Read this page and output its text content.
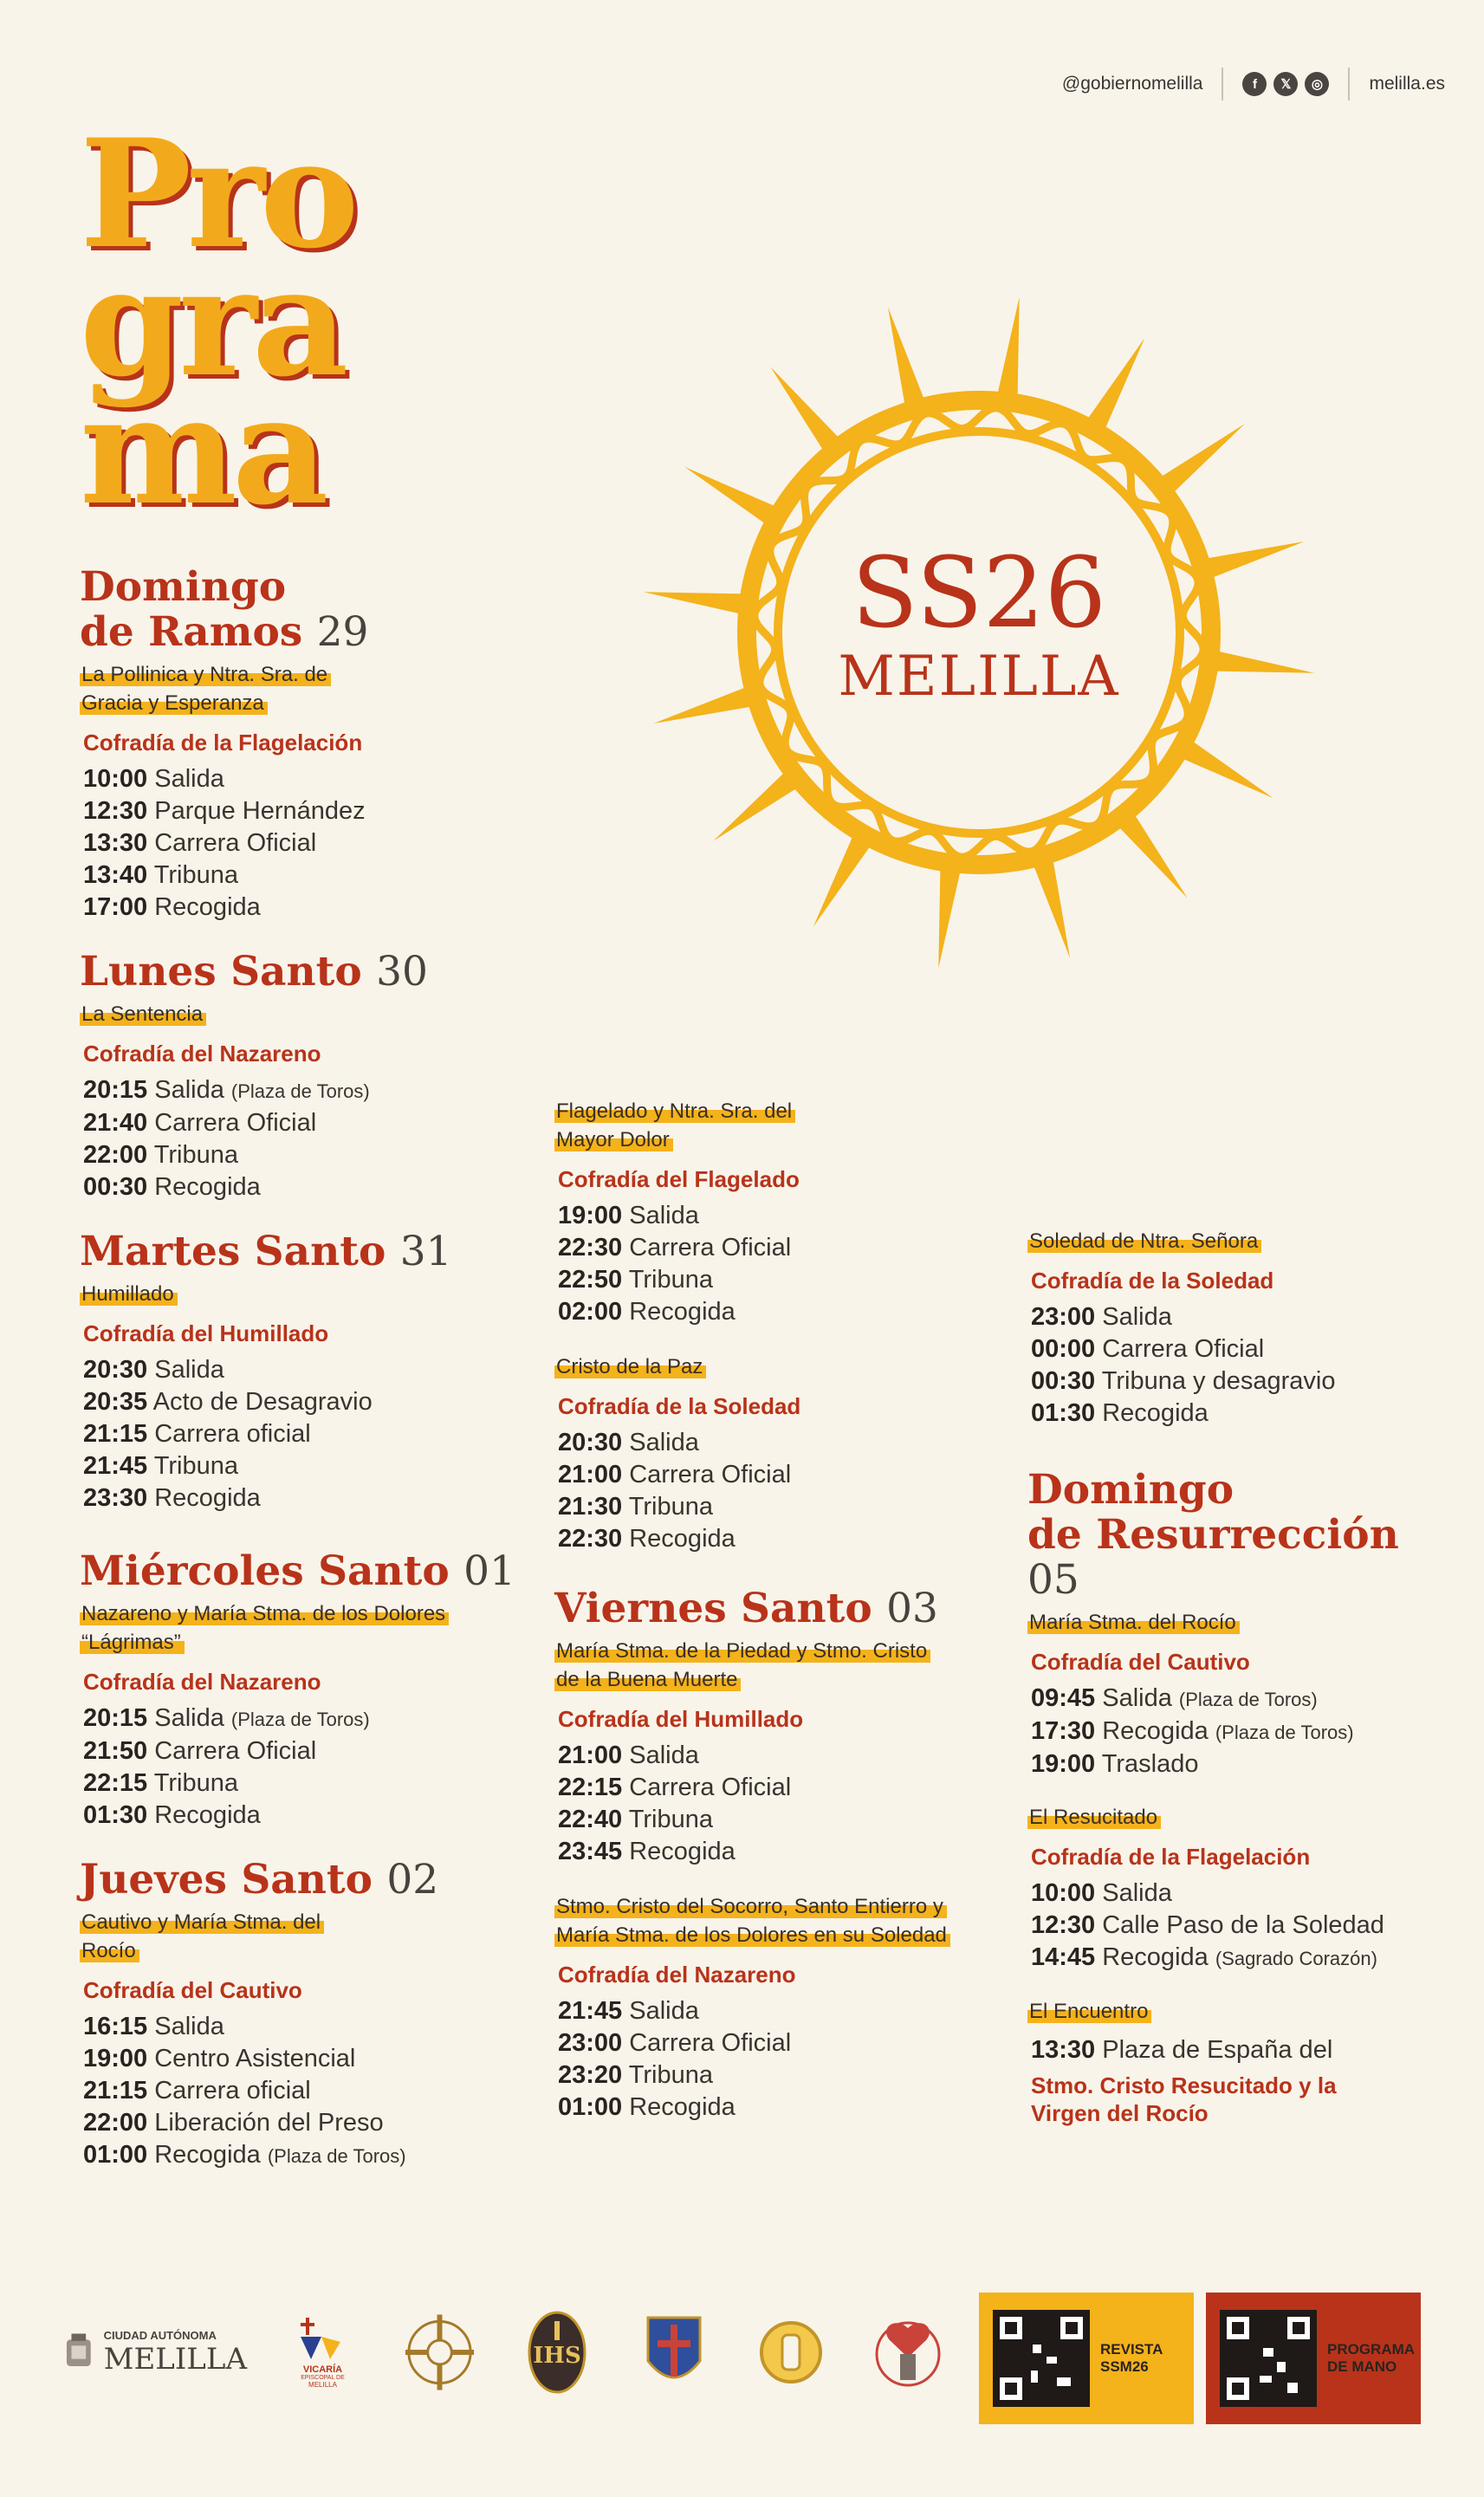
@gobiernomelilla	f	𝕏	◎	melilla.es
Pro
gra
ma
SS26
MELILLA

Domingo
de Ramos 29

La Pollinica y Ntra. Sra. de Gracia y Esperanza
Cofradía de la Flagelación
10:00 Salida
12:30 Parque Hernández
13:30 Carrera Oficial
13:40 Tribuna
17:00 Recogida

Lunes Santo 30

La Sentencia
Cofradía del Nazareno
20:15 Salida (Plaza de Toros)
21:40 Carrera Oficial
22:00 Tribuna
00:30 Recogida

Martes Santo 31

Humillado
Cofradía del Humillado
20:30 Salida
20:35 Acto de Desagravio
21:15 Carrera oficial
21:45 Tribuna
23:30 Recogida

Miércoles Santo 01

Nazareno y María Stma. de los Dolores “Lágrimas”
Cofradía del Nazareno
20:15 Salida (Plaza de Toros)
21:50 Carrera Oficial
22:15 Tribuna
01:30 Recogida

Jueves Santo 02

Cautivo y María Stma. del Rocío
Cofradía del Cautivo
16:15 Salida
19:00 Centro Asistencial
21:15 Carrera oficial
22:00 Liberación del Preso
01:00 Recogida (Plaza de Toros)
Flagelado y Ntra. Sra. del Mayor Dolor
Cofradía del Flagelado
19:00 Salida
22:30 Carrera Oficial
22:50 Tribuna
02:00 Recogida
Cristo de la Paz
Cofradía de la Soledad
20:30 Salida
21:00 Carrera Oficial
21:30 Tribuna
22:30 Recogida

Viernes Santo 03

María Stma. de la Piedad y Stmo. Cristo de la Buena Muerte
Cofradía del Humillado
21:00 Salida
22:15 Carrera Oficial
22:40 Tribuna
23:45 Recogida
Stmo. Cristo del Socorro, Santo Entierro y María Stma. de los Dolores en su Soledad
Cofradía del Nazareno
21:45 Salida
23:00 Carrera Oficial
23:20 Tribuna
01:00 Recogida
Soledad de Ntra. Señora
Cofradía de la Soledad
23:00 Salida
00:00 Carrera Oficial
00:30 Tribuna y desagravio
01:30 Recogida

Domingo
de Resurrección
05

María Stma. del Rocío
Cofradía del Cautivo
09:45 Salida (Plaza de Toros)
17:30 Recogida (Plaza de Toros)
19:00 Traslado
El Resucitado
Cofradía de la Flagelación
10:00 Salida
12:30 Calle Paso de la Soledad
14:45 Recogida (Sagrado Corazón)
El Encuentro
13:30 Plaza de España del
Stmo. Cristo Resucitado y la Virgen del Rocío
CIUDAD AUTÓNOMA
MELILLA	VICARÍA
EPISCOPAL DE
MELILLA
IHS	REVISTA
SSM26
PROGRAMA
DE MANO
